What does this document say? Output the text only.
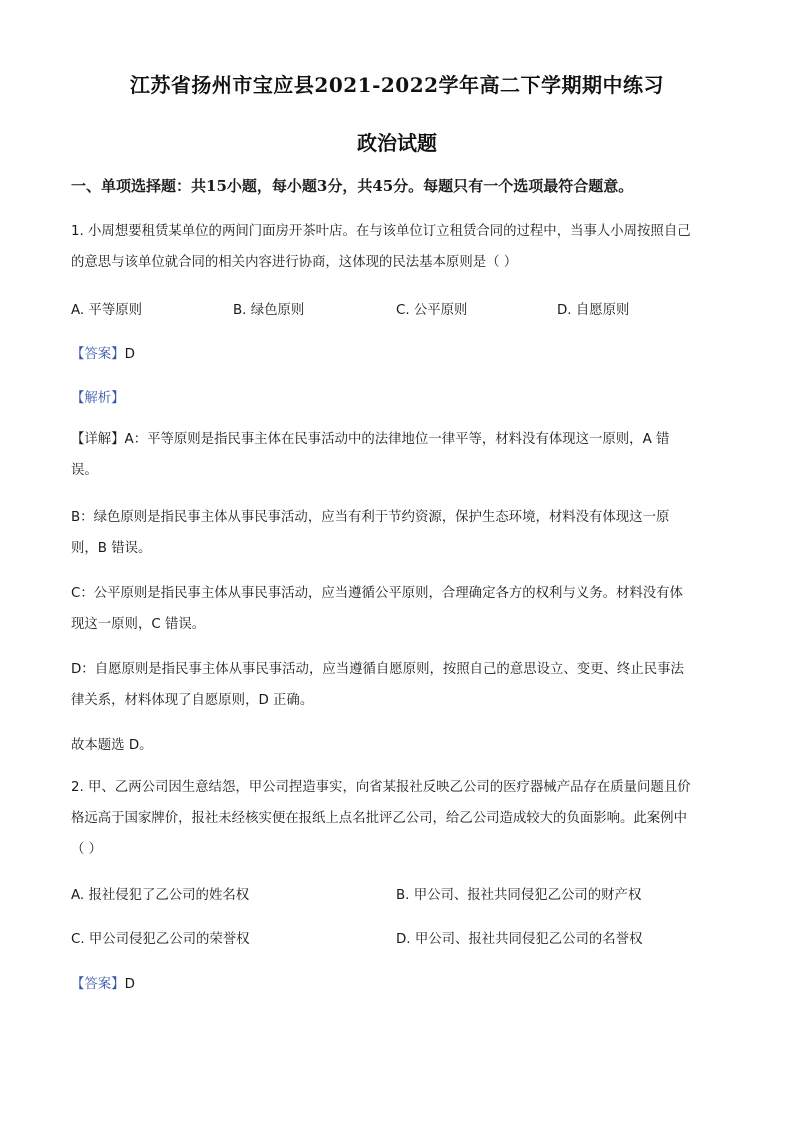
江苏省扬州市宝应县2021-2022学年高二下学期期中练习
政治试题
一、单项选择题：共15小题，每小题3分，共45分。每题只有一个选项最符合题意。
1. 小周想要租赁某单位的两间门面房开茶叶店。在与该单位订立租赁合同的过程中，当事人小周按照自己
的意思与该单位就合同的相关内容进行协商，这体现的民法基本原则是（ ）
A. 平等原则	B. 绿色原则	C. 公平原则	D. 自愿原则
【答案】D
【解析】
【详解】A：平等原则是指民事主体在民事活动中的法律地位一律平等，材料没有体现这一原则，A 错
误。
B：绿色原则是指民事主体从事民事活动，应当有利于节约资源，保护生态环境，材料没有体现这一原
则，B 错误。
C：公平原则是指民事主体从事民事活动，应当遵循公平原则，合理确定各方的权利与义务。材料没有体
现这一原则，C 错误。
D：自愿原则是指民事主体从事民事活动，应当遵循自愿原则，按照自己的意思设立、变更、终止民事法
律关系，材料体现了自愿原则，D 正确。
故本题选 D。
2. 甲、乙两公司因生意结怨，甲公司捏造事实，向省某报社反映乙公司的医疗器械产品存在质量问题且价
格远高于国家牌价，报社未经核实便在报纸上点名批评乙公司，给乙公司造成较大的负面影响。此案例中
（ ）
A. 报社侵犯了乙公司的姓名权	B. 甲公司、报社共同侵犯乙公司的财产权
C. 甲公司侵犯乙公司的荣誉权	D. 甲公司、报社共同侵犯乙公司的名誉权
【答案】D
